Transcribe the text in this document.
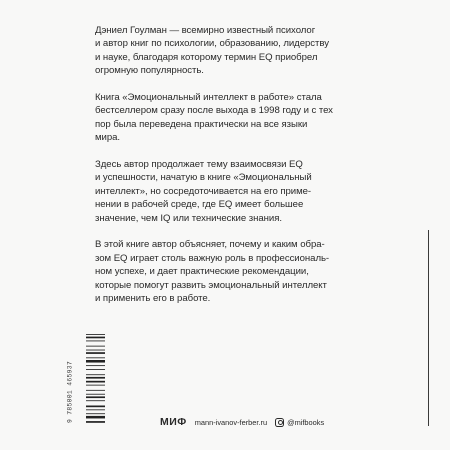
Дэниел Гоулман — всемирно известный психолог
и автор книг по психологии, образованию, лидерству
и науке, благодаря которому термин EQ приобрел
огромную популярность.

Книга «Эмоциональный интеллект в работе» стала
бестселлером сразу после выхода в 1998 году и с тех
пор была переведена практически на все языки
мира.

Здесь автор продолжает тему взаимосвязи EQ
и успешности, начатую в книге «Эмоциональный
интеллект», но сосредоточивается на его приме-
нении в рабочей среде, где EQ имеет большее
значение, чем IQ или технические знания.

В этой книге автор объясняет, почему и каким обра-
зом EQ играет столь важную роль в профессиональ-
ном успехе, и дает практические рекомендации,
которые помогут развить эмоциональный интеллект
и применить его в работе.

9 785001 465937	МИФ mann-ivanov-ferber.ru	@mifbooks
